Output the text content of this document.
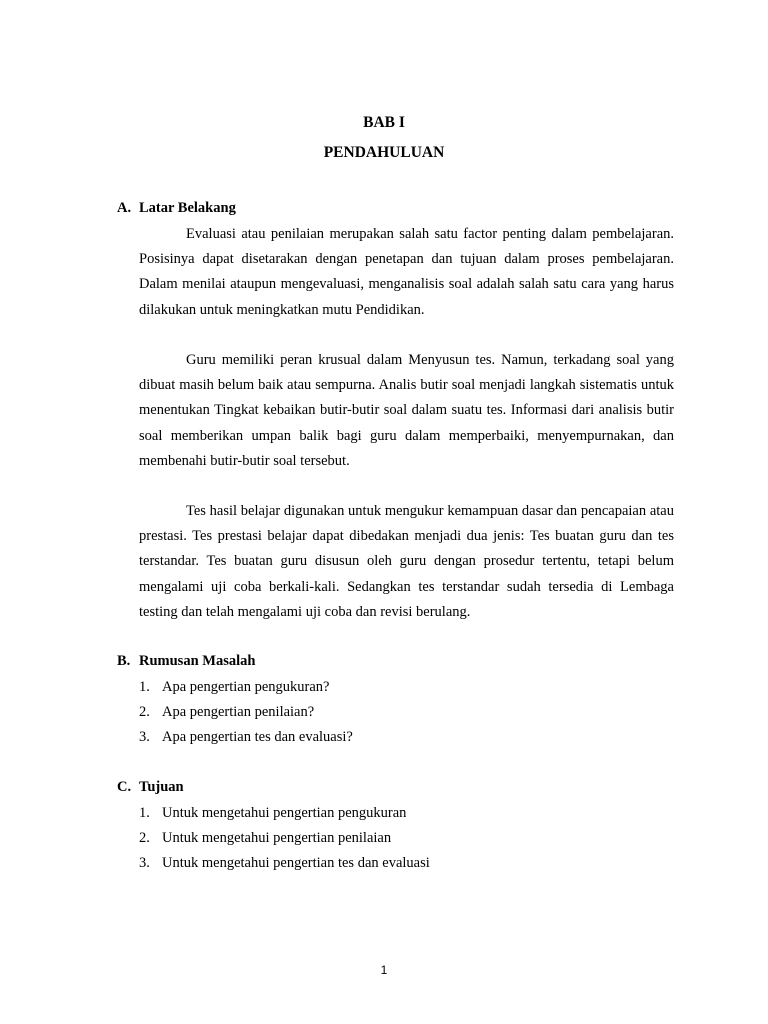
BAB I
PENDAHULUAN
A. Latar Belakang

Evaluasi atau penilaian merupakan salah satu factor penting dalam pembelajaran. Posisinya dapat disetarakan dengan penetapan dan tujuan dalam proses pembelajaran. Dalam menilai ataupun mengevaluasi, menganalisis soal adalah salah satu cara yang harus dilakukan untuk meningkatkan mutu Pendidikan.

Guru memiliki peran krusual dalam Menyusun tes. Namun, terkadang soal yang dibuat masih belum baik atau sempurna. Analis butir soal menjadi langkah sistematis untuk menentukan Tingkat kebaikan butir-butir soal dalam suatu tes. Informasi dari analisis butir soal memberikan umpan balik bagi guru dalam memperbaiki, menyempurnakan, dan membenahi butir-butir soal tersebut.

Tes hasil belajar digunakan untuk mengukur kemampuan dasar dan pencapaian atau prestasi. Tes prestasi belajar dapat dibedakan menjadi dua jenis: Tes buatan guru dan tes terstandar. Tes buatan guru disusun oleh guru dengan prosedur tertentu, tetapi belum mengalami uji coba berkali-kali. Sedangkan tes terstandar sudah tersedia di Lembaga testing dan telah mengalami uji coba dan revisi berulang.

B. Rumusan Masalah
1. Apa pengertian pengukuran?
2. Apa pengertian penilaian?
3. Apa pengertian tes dan evaluasi?
C. Tujuan
1. Untuk mengetahui pengertian pengukuran
2. Untuk mengetahui pengertian penilaian
3. Untuk mengetahui pengertian tes dan evaluasi
1
